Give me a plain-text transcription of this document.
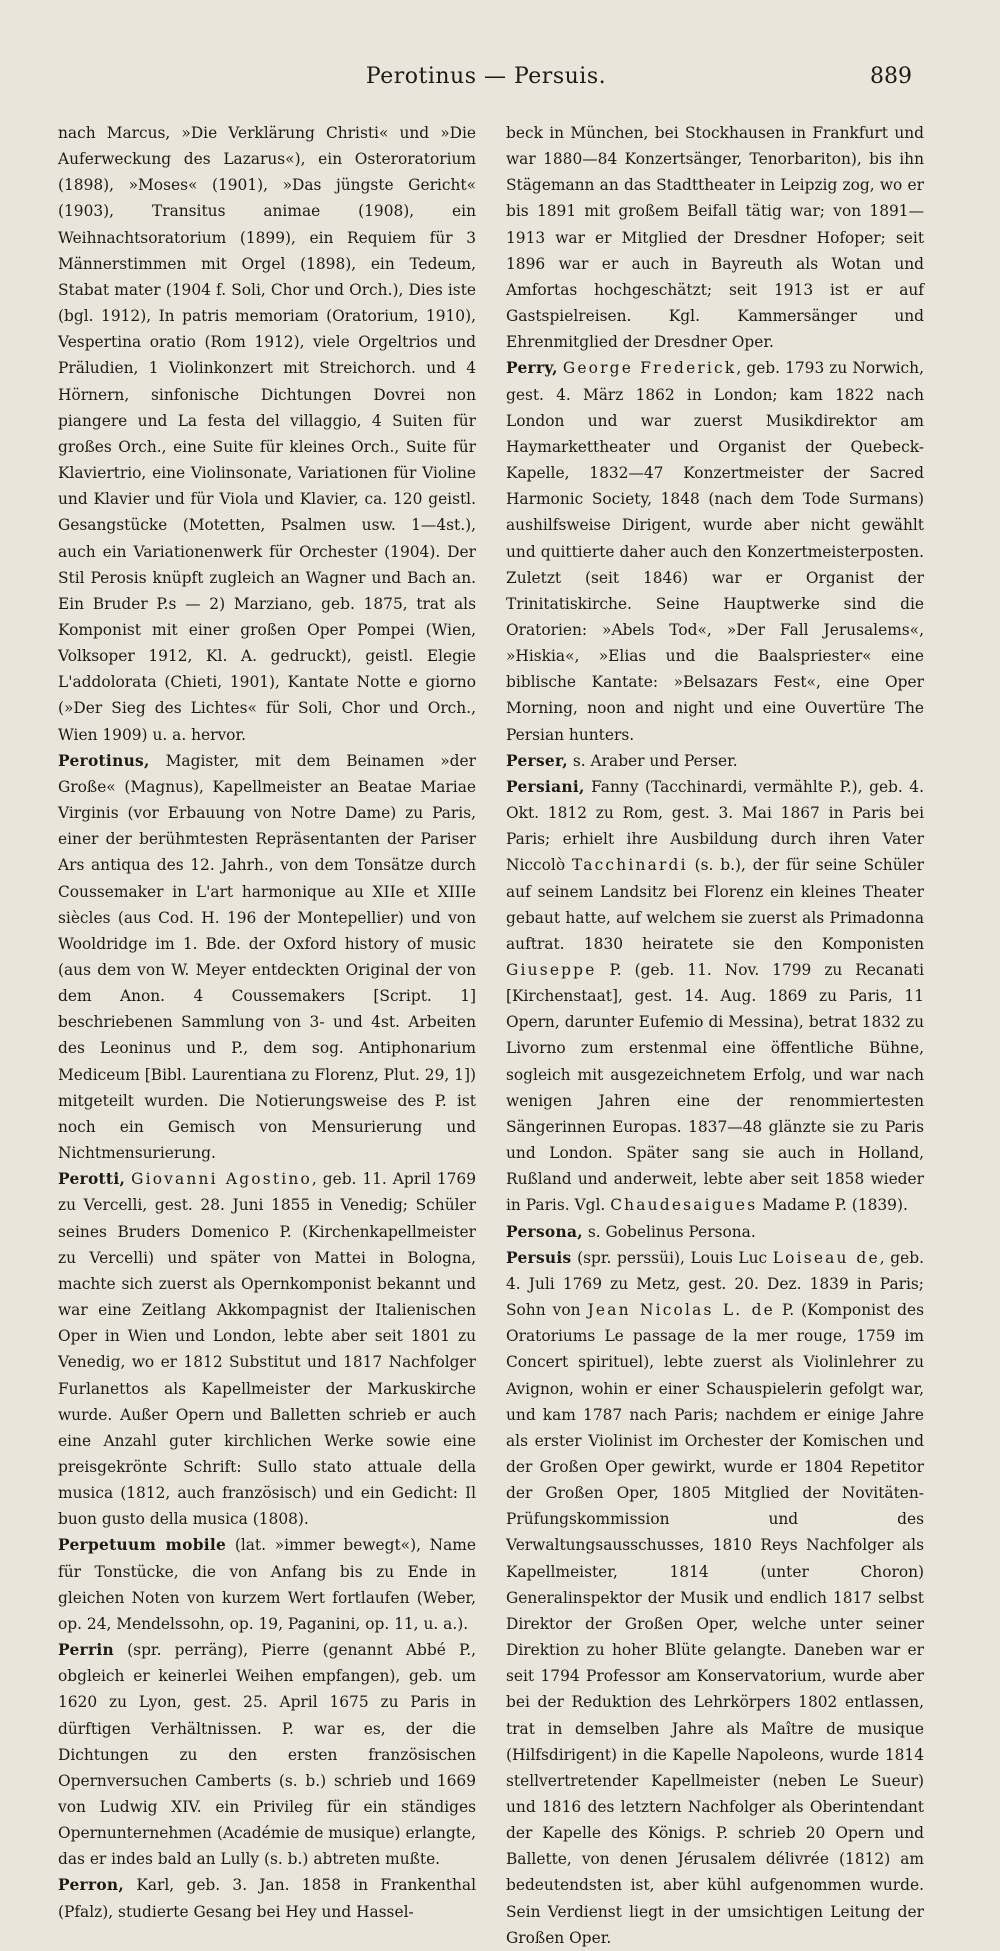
Perotinus — Persuis.	889

nach Marcus, »Die Verklärung Christi« und »Die Auferweckung des Lazarus«), ein Osteroratorium (1898), »Moses« (1901), »Das jüngste Gericht« (1903), Transitus animae (1908), ein Weihnachtsoratorium (1899), ein Requiem für 3 Männerstimmen mit Orgel (1898), ein Tedeum, Stabat mater (1904 f. Soli, Chor und Orch.), Dies iste (bgl. 1912), In patris memoriam (Oratorium, 1910), Vespertina oratio (Rom 1912), viele Orgeltrios und Präludien, 1 Violinkonzert mit Streichorch. und 4 Hörnern, sinfonische Dichtungen Dovrei non piangere und La festa del villaggio, 4 Suiten für großes Orch., eine Suite für kleines Orch., Suite für Klaviertrio, eine Violinsonate, Variationen für Violine und Klavier und für Viola und Klavier, ca. 120 geistl. Gesangstücke (Motetten, Psalmen usw. 1—4st.), auch ein Variationenwerk für Orchester (1904). Der Stil Perosis knüpft zugleich an Wagner und Bach an. Ein Bruder P.s — 2) Marziano, geb. 1875, trat als Komponist mit einer großen Oper Pompei (Wien, Volksoper 1912, Kl. A. gedruckt), geistl. Elegie L'addolorata (Chieti, 1901), Kantate Notte e giorno (»Der Sieg des Lichtes« für Soli, Chor und Orch., Wien 1909) u. a. hervor.

Perotinus, Magister, mit dem Beinamen »der Große« (Magnus), Kapellmeister an Beatae Mariae Virginis (vor Erbauung von Notre Dame) zu Paris, einer der berühmtesten Repräsentanten der Pariser Ars antiqua des 12. Jahrh., von dem Tonsätze durch Coussemaker in L'art harmonique au XIIe et XIIIe siècles (aus Cod. H. 196 der Montepellier) und von Wooldridge im 1. Bde. der Oxford history of music (aus dem von W. Meyer entdeckten Original der von dem Anon. 4 Coussemakers [Script. 1] beschriebenen Sammlung von 3- und 4st. Arbeiten des Leoninus und P., dem sog. Antiphonarium Mediceum [Bibl. Laurentiana zu Florenz, Plut. 29, 1]) mitgeteilt wurden. Die Notierungsweise des P. ist noch ein Gemisch von Mensurierung und Nichtmensurierung.

Perotti, Giovanni Agostino, geb. 11. April 1769 zu Vercelli, gest. 28. Juni 1855 in Venedig; Schüler seines Bruders Domenico P. (Kirchenkapellmeister zu Vercelli) und später von Mattei in Bologna, machte sich zuerst als Opernkomponist bekannt und war eine Zeitlang Akkompagnist der Italienischen Oper in Wien und London, lebte aber seit 1801 zu Venedig, wo er 1812 Substitut und 1817 Nachfolger Furlanettos als Kapellmeister der Markuskirche wurde. Außer Opern und Balletten schrieb er auch eine Anzahl guter kirchlichen Werke sowie eine preisgekrönte Schrift: Sullo stato attuale della musica (1812, auch französisch) und ein Gedicht: Il buon gusto della musica (1808).

Perpetuum mobile (lat. »immer bewegt«), Name für Tonstücke, die von Anfang bis zu Ende in gleichen Noten von kurzem Wert fortlaufen (Weber, op. 24, Mendelssohn, op. 19, Paganini, op. 11, u. a.).

Perrin (spr. perräng), Pierre (genannt Abbé P., obgleich er keinerlei Weihen empfangen), geb. um 1620 zu Lyon, gest. 25. April 1675 zu Paris in dürftigen Verhältnissen. P. war es, der die Dichtungen zu den ersten französischen Opernversuchen Camberts (s. b.) schrieb und 1669 von Ludwig XIV. ein Privileg für ein ständiges Opernunternehmen (Académie de musique) erlangte, das er indes bald an Lully (s. b.) abtreten mußte.

Perron, Karl, geb. 3. Jan. 1858 in Frankenthal (Pfalz), studierte Gesang bei Hey und Hassel-

beck in München, bei Stockhausen in Frankfurt und war 1880—84 Konzertsänger, Tenorbariton), bis ihn Stägemann an das Stadttheater in Leipzig zog, wo er bis 1891 mit großem Beifall tätig war; von 1891—1913 war er Mitglied der Dresdner Hofoper; seit 1896 war er auch in Bayreuth als Wotan und Amfortas hochgeschätzt; seit 1913 ist er auf Gastspielreisen. Kgl. Kammersänger und Ehrenmitglied der Dresdner Oper.

Perry, George Frederick, geb. 1793 zu Norwich, gest. 4. März 1862 in London; kam 1822 nach London und war zuerst Musikdirektor am Haymarkettheater und Organist der Quebeck-Kapelle, 1832—47 Konzertmeister der Sacred Harmonic Society, 1848 (nach dem Tode Surmans) aushilfsweise Dirigent, wurde aber nicht gewählt und quittierte daher auch den Konzertmeisterposten. Zuletzt (seit 1846) war er Organist der Trinitatiskirche. Seine Hauptwerke sind die Oratorien: »Abels Tod«, »Der Fall Jerusalems«, »Hiskia«, »Elias und die Baalspriester« eine biblische Kantate: »Belsazars Fest«, eine Oper Morning, noon and night und eine Ouvertüre The Persian hunters.

Perser, s. Araber und Perser.

Persiani, Fanny (Tacchinardi, vermählte P.), geb. 4. Okt. 1812 zu Rom, gest. 3. Mai 1867 in Paris bei Paris; erhielt ihre Ausbildung durch ihren Vater Niccolò Tacchinardi (s. b.), der für seine Schüler auf seinem Landsitz bei Florenz ein kleines Theater gebaut hatte, auf welchem sie zuerst als Primadonna auftrat. 1830 heiratete sie den Komponisten Giuseppe P. (geb. 11. Nov. 1799 zu Recanati [Kirchenstaat], gest. 14. Aug. 1869 zu Paris, 11 Opern, darunter Eufemio di Messina), betrat 1832 zu Livorno zum erstenmal eine öffentliche Bühne, sogleich mit ausgezeichnetem Erfolg, und war nach wenigen Jahren eine der renommiertesten Sängerinnen Europas. 1837—48 glänzte sie zu Paris und London. Später sang sie auch in Holland, Rußland und anderweit, lebte aber seit 1858 wieder in Paris. Vgl. Chaudesaigues Madame P. (1839).

Persona, s. Gobelinus Persona.

Persuis (spr. perssüi), Louis Luc Loiseau de, geb. 4. Juli 1769 zu Metz, gest. 20. Dez. 1839 in Paris; Sohn von Jean Nicolas L. de P. (Komponist des Oratoriums Le passage de la mer rouge, 1759 im Concert spirituel), lebte zuerst als Violinlehrer zu Avignon, wohin er einer Schauspielerin gefolgt war, und kam 1787 nach Paris; nachdem er einige Jahre als erster Violinist im Orchester der Komischen und der Großen Oper gewirkt, wurde er 1804 Repetitor der Großen Oper, 1805 Mitglied der Novitäten-Prüfungskommission und des Verwaltungsausschusses, 1810 Reys Nachfolger als Kapellmeister, 1814 (unter Choron) Generalinspektor der Musik und endlich 1817 selbst Direktor der Großen Oper, welche unter seiner Direktion zu hoher Blüte gelangte. Daneben war er seit 1794 Professor am Konservatorium, wurde aber bei der Reduktion des Lehrkörpers 1802 entlassen, trat in demselben Jahre als Maître de musique (Hilfsdirigent) in die Kapelle Napoleons, wurde 1814 stellvertretender Kapellmeister (neben Le Sueur) und 1816 des letztern Nachfolger als Oberintendant der Kapelle des Königs. P. schrieb 20 Opern und Ballette, von denen Jérusalem délivrée (1812) am bedeutendsten ist, aber kühl aufgenommen wurde. Sein Verdienst liegt in der umsichtigen Leitung der Großen Oper.
